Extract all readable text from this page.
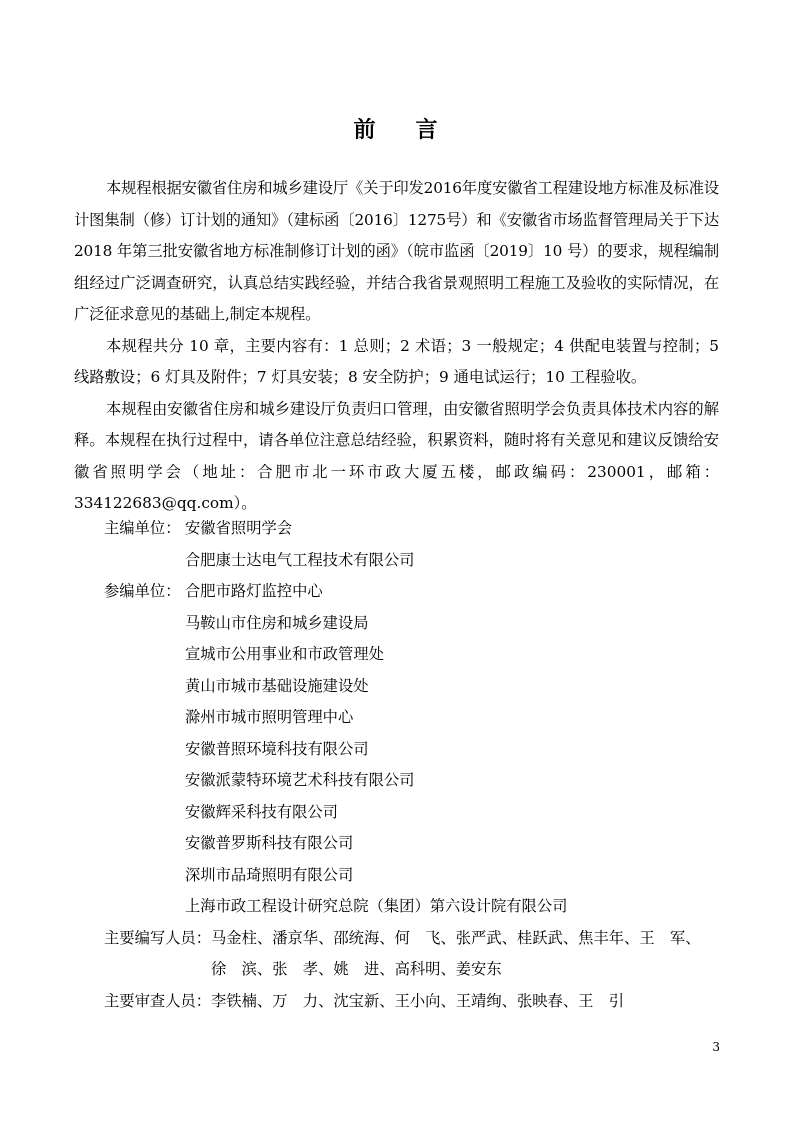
前 言

本规程根据安徽省住房和城乡建设厅《关于印发2016年度安徽省工程建设地方标准及标准设计图集制（修）订计划的通知》（建标函〔2016〕1275号）和《安徽省市场监督管理局关于下达 2018 年第三批安徽省地方标准制修订计划的函》（皖市监函〔2019〕10 号）的要求，规程编制组经过广泛调查研究，认真总结实践经验，并结合我省景观照明工程施工及验收的实际情况，在广泛征求意见的基础上,制定本规程。

本规程共分 10 章，主要内容有：1 总则；2 术语；3 一般规定；4 供配电装置与控制；5 线路敷设；6 灯具及附件；7 灯具安装；8 安全防护；9 通电试运行；10 工程验收。

本规程由安徽省住房和城乡建设厅负责归口管理，由安徽省照明学会负责具体技术内容的解释。本规程在执行过程中，请各单位注意总结经验，积累资料，随时将有关意见和建议反馈给安徽省照明学会（地址：合肥市北一环市政大厦五楼，邮政编码：230001，邮箱：334122683@qq.com）。

主编单位： 安徽省照明学会
合肥康士达电气工程技术有限公司
参编单位： 合肥市路灯监控中心
马鞍山市住房和城乡建设局
宣城市公用事业和市政管理处
黄山市城市基础设施建设处
滁州市城市照明管理中心
安徽普照环境科技有限公司
安徽派蒙特环境艺术科技有限公司
安徽辉采科技有限公司
安徽普罗斯科技有限公司
深圳市品琦照明有限公司
上海市政工程设计研究总院（集团）第六设计院有限公司
主要编写人员： 马金柱、潘京华、邵统海、何　飞、张严武、桂跃武、焦丰年、王　军、
徐　滨、张　孝、姚　进、高科明、姜安东
主要审查人员： 李铁楠、万　力、沈宝新、王小向、王靖绚、张映春、王　引
3
